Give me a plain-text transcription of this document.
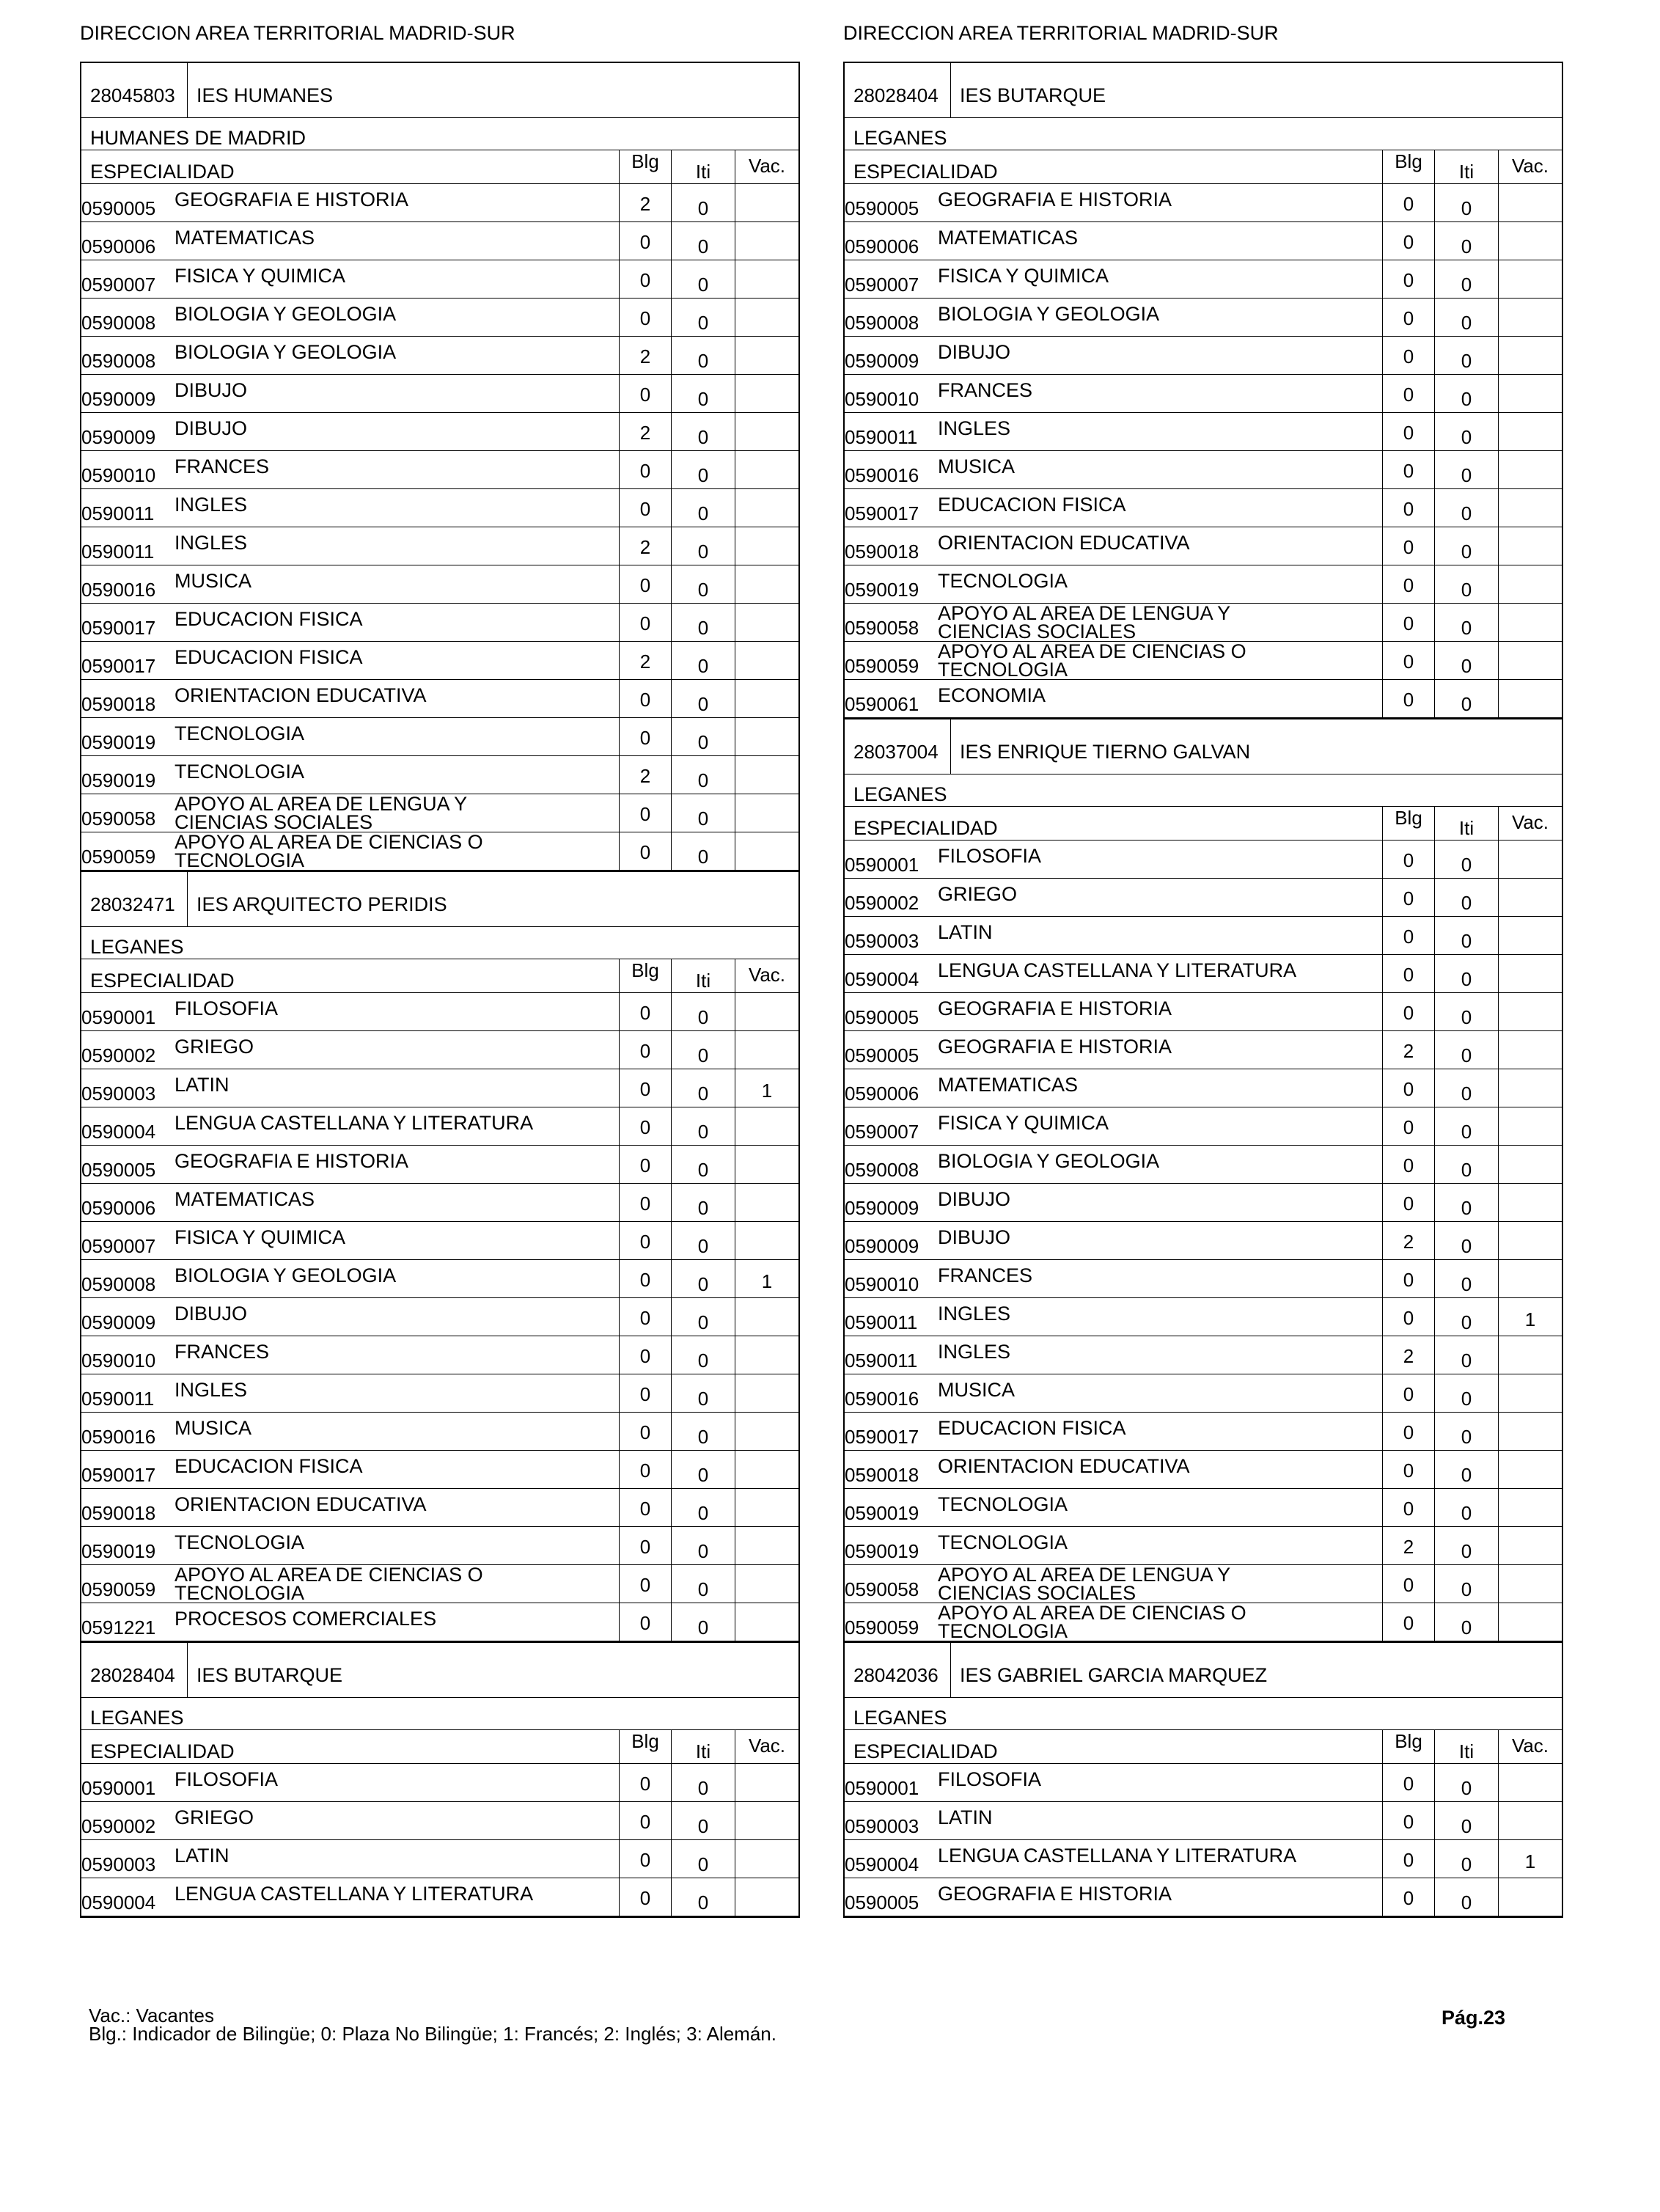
DIRECCION AREA TERRITORIAL MADRID-SUR
28045803	IES HUMANES
HUMANES DE MADRID
ESPECIALIDAD	Blg	Iti	Vac.
0590005 GEOGRAFIA E HISTORIA	2	0
0590006 MATEMATICAS	0	0
0590007 FISICA Y QUIMICA	0	0
0590008 BIOLOGIA Y GEOLOGIA	0	0
0590008 BIOLOGIA Y GEOLOGIA	2	0
0590009 DIBUJO	0	0
0590009 DIBUJO	2	0
0590010 FRANCES	0	0
0590011 INGLES	0	0
0590011 INGLES	2	0
0590016 MUSICA	0	0
0590017 EDUCACION FISICA	0	0
0590017 EDUCACION FISICA	2	0
0590018 ORIENTACION EDUCATIVA	0	0
0590019 TECNOLOGIA	0	0
0590019 TECNOLOGIA	2	0
0590058
APOYO AL AREA DE LENGUA Y
CIENCIAS SOCIALES	0	0
0590059
APOYO AL AREA DE CIENCIAS O
TECNOLOGIA	0	0
28032471	IES ARQUITECTO PERIDIS
LEGANES
ESPECIALIDAD	Blg	Iti	Vac.
0590001 FILOSOFIA	0	0
0590002 GRIEGO	0	0
0590003 LATIN	0	0	1
0590004 LENGUA CASTELLANA Y LITERATURA	0	0
0590005 GEOGRAFIA E HISTORIA	0	0
0590006 MATEMATICAS	0	0
0590007 FISICA Y QUIMICA	0	0
0590008 BIOLOGIA Y GEOLOGIA	0	0	1
0590009 DIBUJO	0	0
0590010 FRANCES	0	0
0590011 INGLES	0	0
0590016 MUSICA	0	0
0590017 EDUCACION FISICA	0	0
0590018 ORIENTACION EDUCATIVA	0	0
0590019 TECNOLOGIA	0	0
0590059
APOYO AL AREA DE CIENCIAS O
TECNOLOGIA	0	0
0591221 PROCESOS COMERCIALES	0	0
28028404	IES BUTARQUE
LEGANES
ESPECIALIDAD	Blg	Iti	Vac.
0590001 FILOSOFIA	0	0
0590002 GRIEGO	0	0
0590003 LATIN	0	0
0590004 LENGUA CASTELLANA Y LITERATURA	0	0
DIRECCION AREA TERRITORIAL MADRID-SUR
28028404	IES BUTARQUE
LEGANES
ESPECIALIDAD	Blg	Iti	Vac.
0590005 GEOGRAFIA E HISTORIA	0	0
0590006 MATEMATICAS	0	0
0590007 FISICA Y QUIMICA	0	0
0590008 BIOLOGIA Y GEOLOGIA	0	0
0590009 DIBUJO	0	0
0590010 FRANCES	0	0
0590011 INGLES	0	0
0590016 MUSICA	0	0
0590017 EDUCACION FISICA	0	0
0590018 ORIENTACION EDUCATIVA	0	0
0590019 TECNOLOGIA	0	0
0590058
APOYO AL AREA DE LENGUA Y
CIENCIAS SOCIALES	0	0
0590059
APOYO AL AREA DE CIENCIAS O
TECNOLOGIA	0	0
0590061 ECONOMIA	0	0
28037004	IES ENRIQUE TIERNO GALVAN
LEGANES
ESPECIALIDAD	Blg	Iti	Vac.
0590001 FILOSOFIA	0	0
0590002 GRIEGO	0	0
0590003 LATIN	0	0
0590004 LENGUA CASTELLANA Y LITERATURA	0	0
0590005 GEOGRAFIA E HISTORIA	0	0
0590005 GEOGRAFIA E HISTORIA	2	0
0590006 MATEMATICAS	0	0
0590007 FISICA Y QUIMICA	0	0
0590008 BIOLOGIA Y GEOLOGIA	0	0
0590009 DIBUJO	0	0
0590009 DIBUJO	2	0
0590010 FRANCES	0	0
0590011 INGLES	0	0	1
0590011 INGLES	2	0
0590016 MUSICA	0	0
0590017 EDUCACION FISICA	0	0
0590018 ORIENTACION EDUCATIVA	0	0
0590019 TECNOLOGIA	0	0
0590019 TECNOLOGIA	2	0
0590058
APOYO AL AREA DE LENGUA Y
CIENCIAS SOCIALES	0	0
0590059
APOYO AL AREA DE CIENCIAS O
TECNOLOGIA	0	0
28042036	IES GABRIEL GARCIA MARQUEZ
LEGANES
ESPECIALIDAD	Blg	Iti	Vac.
0590001 FILOSOFIA	0	0
0590003 LATIN	0	0
0590004 LENGUA CASTELLANA Y LITERATURA	0	0	1
0590005 GEOGRAFIA E HISTORIA	0	0
Vac.: Vacantes
Blg.: Indicador de Bilingüe; 0: Plaza No Bilingüe; 1: Francés; 2: Inglés; 3: Alemán.
Pág.23
